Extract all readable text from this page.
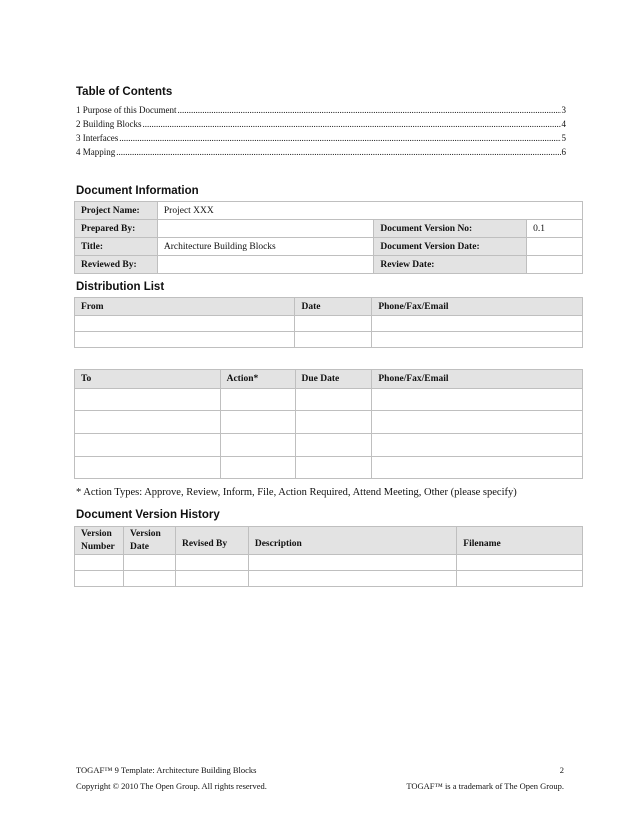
Table of Contents
1 Purpose of this Document .....	3
2 Building Blocks .....	4
3 Interfaces .....	5
4 Mapping .....	6
Document Information
Project Name:	Project XXX		
Prepared By:		Document Version No:	0.1
Title:	Architecture Building Blocks	Document Version Date:	
Reviewed By:		Review Date:	
Distribution List
From	Date	Phone/Fax/Email

To	Action*	Due Date	Phone/Fax/Email

* Action Types: Approve, Review, Inform, File, Action Required, Attend Meeting, Other (please specify)
Document Version History
Version Number	Version Date	Revised By	Description	Filename

TOGAF™ 9 Template: Architecture Building Blocks	2
Copyright © 2010 The Open Group. All rights reserved.	TOGAF™ is a trademark of The Open Group.
